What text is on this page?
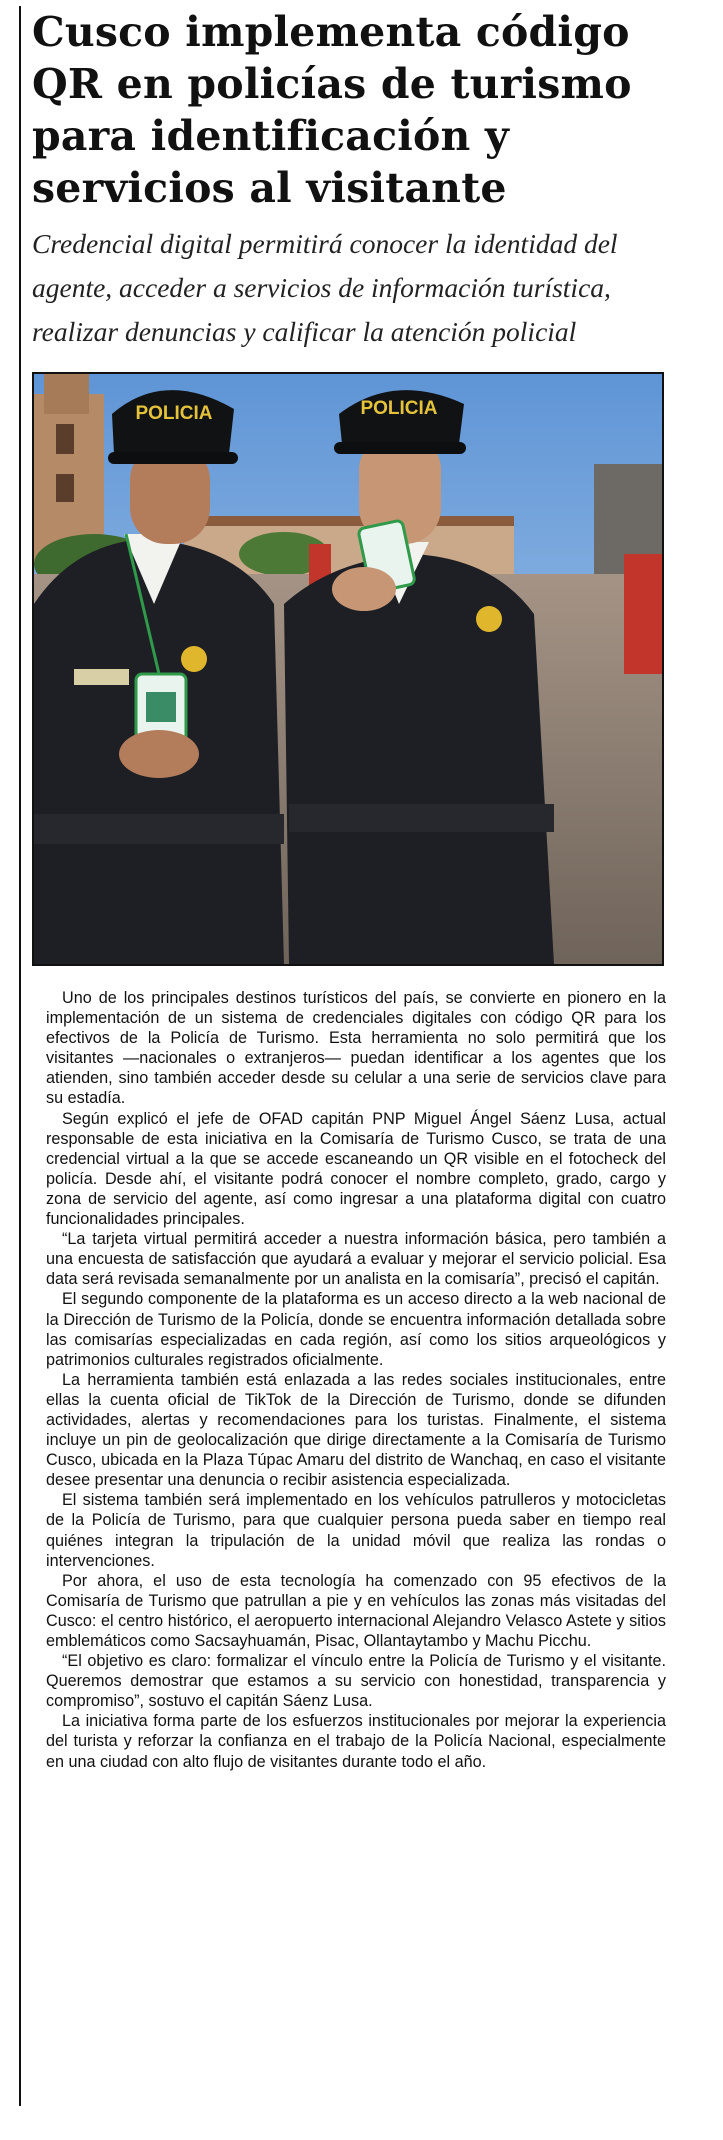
Cusco implementa código QR en policías de turismo para identificación y servicios al visitante
Credencial digital permitirá conocer la identidad del agente, acceder a servicios de información turística, realizar denuncias y calificar la atención policial
POLICIA	POLICIA

Uno de los principales destinos turísticos del país, se convierte en pionero en la implementación de un sistema de credenciales digitales con código QR para los efectivos de la Policía de Turismo. Esta herramienta no solo permitirá que los visitantes —nacionales o extranjeros— puedan identificar a los agentes que los atienden, sino también acceder desde su celular a una serie de servicios clave para su estadía.

Según explicó el jefe de OFAD capitán PNP Miguel Ángel Sáenz Lusa, actual responsable de esta iniciativa en la Comisaría de Turismo Cusco, se trata de una credencial virtual a la que se accede escaneando un QR visible en el fotocheck del policía. Desde ahí, el visitante podrá conocer el nombre completo, grado, cargo y zona de servicio del agente, así como ingresar a una plataforma digital con cuatro funcionalidades principales.

“La tarjeta virtual permitirá acceder a nuestra información básica, pero también a una encuesta de satisfacción que ayudará a evaluar y mejorar el servicio policial. Esa data será revisada semanalmente por un analista en la comisaría”, precisó el capitán.

El segundo componente de la plataforma es un acceso directo a la web nacional de la Dirección de Turismo de la Policía, donde se encuentra información detallada sobre las comisarías especializadas en cada región, así como los sitios arqueológicos y patrimonios culturales registrados oficialmente.

La herramienta también está enlazada a las redes sociales institucionales, entre ellas la cuenta oficial de TikTok de la Dirección de Turismo, donde se difunden actividades, alertas y recomendaciones para los turistas. Finalmente, el sistema incluye un pin de geolocalización que dirige directamente a la Comisaría de Turismo Cusco, ubicada en la Plaza Túpac Amaru del distrito de Wanchaq, en caso el visitante desee presentar una denuncia o recibir asistencia especializada.

El sistema también será implementado en los vehículos patrulleros y motocicletas de la Policía de Turismo, para que cualquier persona pueda saber en tiempo real quiénes integran la tripulación de la unidad móvil que realiza las rondas o intervenciones.

Por ahora, el uso de esta tecnología ha comenzado con 95 efectivos de la Comisaría de Turismo que patrullan a pie y en vehículos las zonas más visitadas del Cusco: el centro histórico, el aeropuerto internacional Alejandro Velasco Astete y sitios emblemáticos como Sacsayhuamán, Pisac, Ollantaytambo y Machu Picchu.

“El objetivo es claro: formalizar el vínculo entre la Policía de Turismo y el visitante. Queremos demostrar que estamos a su servicio con honestidad, transparencia y compromiso”, sostuvo el capitán Sáenz Lusa.

La iniciativa forma parte de los esfuerzos institucionales por mejorar la experiencia del turista y reforzar la confianza en el trabajo de la Policía Nacional, especialmente en una ciudad con alto flujo de visitantes durante todo el año.
